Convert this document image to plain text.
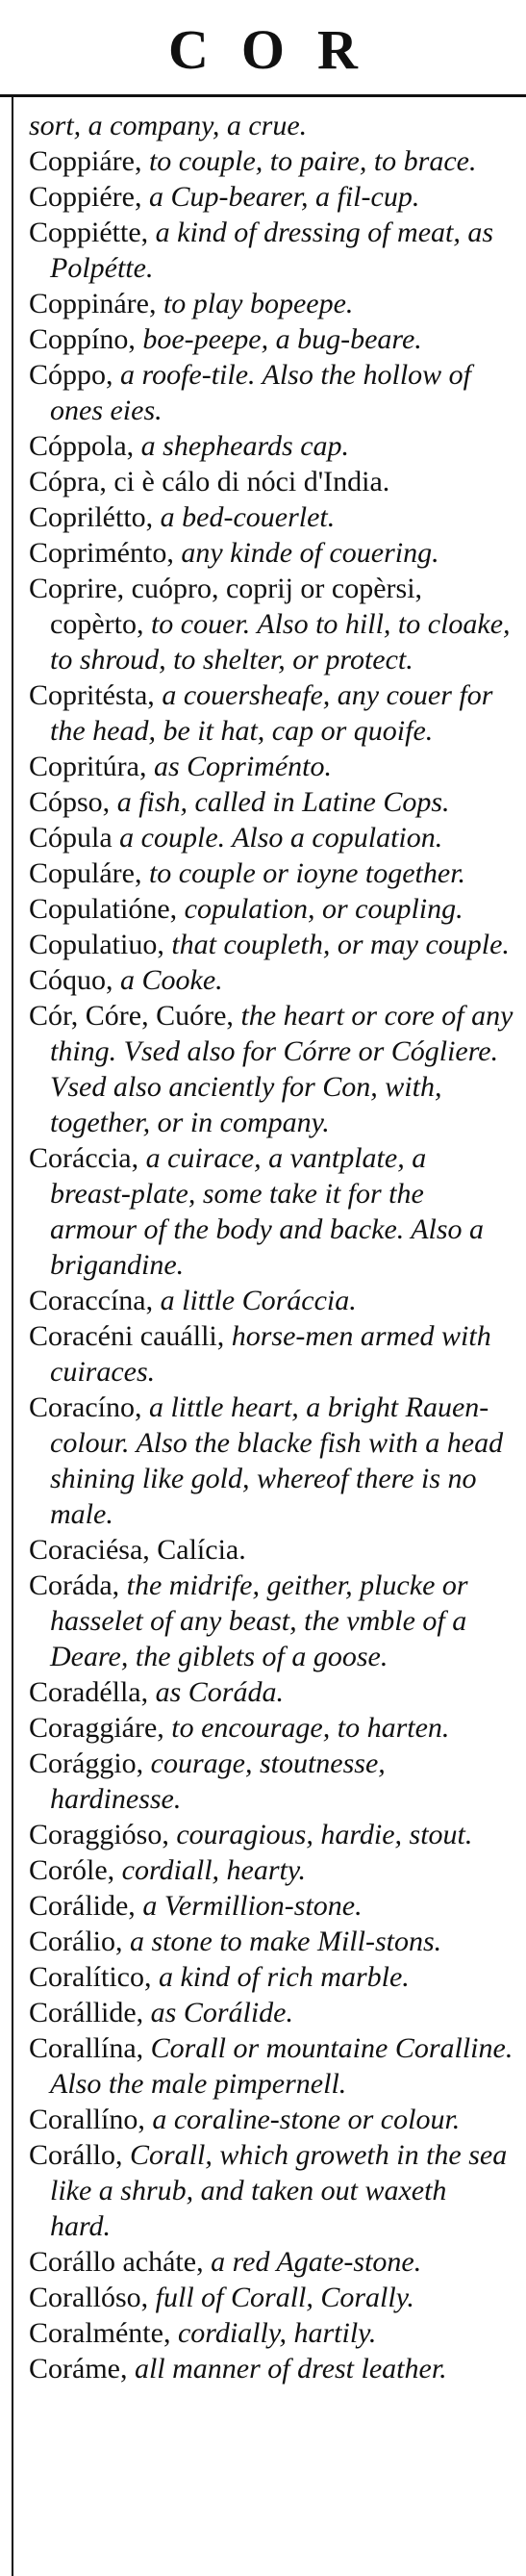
COR

sort, a company, a crue.

Coppiáre, to couple, to paire, to brace.

Coppiére, a Cup-bearer, a fil-cup.

Coppiétte, a kind of dressing of meat, as Polpétte.

Coppináre, to play bopeepe.

Coppíno, boe-peepe, a bug-beare.

Cóppo, a roofe-tile. Also the hollow of ones eies.

Cóppola, a shepheards cap.

Cópra, ci è cálo di nóci d'India.

Coprilétto, a bed-couerlet.

Copriménto, any kinde of couering.

Coprire, cuópro, coprij or copèrsi, copèrto, to couer. Also to hill, to cloake, to shroud, to shelter, or protect.

Copritésta, a couersheafe, any couer for the head, be it hat, cap or quoife.

Copritúra, as Copriménto.

Cópso, a fish, called in Latine Cops.

Cópula a couple. Also a copulation.

Copuláre, to couple or ioyne together.

Copulatióne, copulation, or coupling.

Copulatiuo, that coupleth, or may couple.

Cóquo, a Cooke.

Cór, Córe, Cuóre, the heart or core of any thing. Vsed also for Córre or Cógliere. Vsed also anciently for Con, with, together, or in company.

Coráccia, a cuirace, a vantplate, a breast-plate, some take it for the armour of the body and backe. Also a brigandine.

Coraccína, a little Coráccia.

Coracéni cauálli, horse-men armed with cuiraces.

Coracíno, a little heart, a bright Rauen-colour. Also the blacke fish with a head shining like gold, whereof there is no male.

Coraciésa, Calícia.

Coráda, the midrife, geither, plucke or hasselet of any beast, the vmble of a Deare, the giblets of a goose.

Coradélla, as Coráda.

Coraggiáre, to encourage, to harten.

Corággio, courage, stoutnesse, hardinesse.

Coraggióso, couragious, hardie, stout.

Coróle, cordiall, hearty.

Corálide, a Vermillion-stone.

Corálio, a stone to make Mill-stons.

Coralítico, a kind of rich marble.

Corállide, as Corálide.

Corallína, Corall or mountaine Coralline. Also the male pimpernell.

Corallíno, a coraline-stone or colour.

Corállo, Corall, which groweth in the sea like a shrub, and taken out waxeth hard.

Corállo acháte, a red Agate-stone.

Corallóso, full of Corall, Corally.

Coralménte, cordially, hartily.

Coráme, all manner of drest leather.
